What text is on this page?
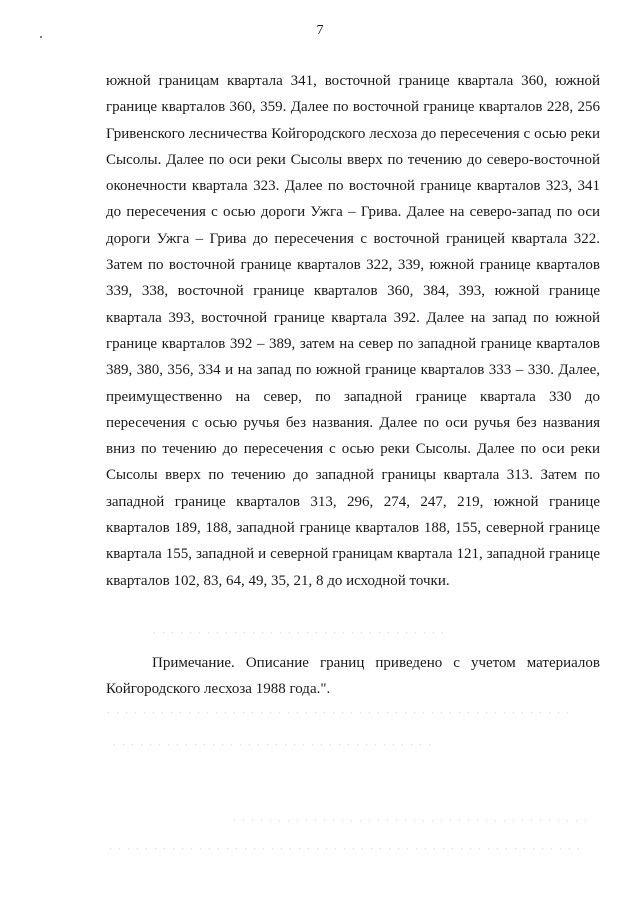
7

южной границам квартала 341, восточной границе квартала 360, южной границе кварталов 360, 359. Далее по восточной границе кварталов 228, 256 Гривенского лесничества Койгородского лесхоза до пересечения с осью реки Сысолы. Далее по оси реки Сысолы вверх по течению до северо-восточной оконечности квартала 323. Далее по восточной границе кварталов 323, 341 до пересечения с осью дороги Ужга – Грива. Далее на северо-запад по оси дороги Ужга – Грива до пересечения с восточной границей квартала 322. Затем по восточной границе кварталов 322, 339, южной границе кварталов 339, 338, восточной границе кварталов 360, 384, 393, южной границе квартала 393, восточной границе квартала 392. Далее на запад по южной границе кварталов 392 – 389, затем на север по западной границе кварталов 389, 380, 356, 334 и на запад по южной границе кварталов 333 – 330. Далее, преимущественно на север, по западной границе квартала 330 до пересечения с осью ручья без названия. Далее по оси ручья без названия вниз по течению до пересечения с осью реки Сысолы. Далее по оси реки Сысолы вверх по течению до западной границы квартала 313. Затем по западной границе кварталов 313, 296, 274, 247, 219, южной границе кварталов 189, 188, западной границе кварталов 188, 155, северной границе квартала 155, западной и северной границам квартала 121, западной границе кварталов 102, 83, 64, 49, 35, 21, 8 до исходной точки.

Примечание. Описание границ приведено с учетом материалов Койгородского лесхоза 1988 года.".
